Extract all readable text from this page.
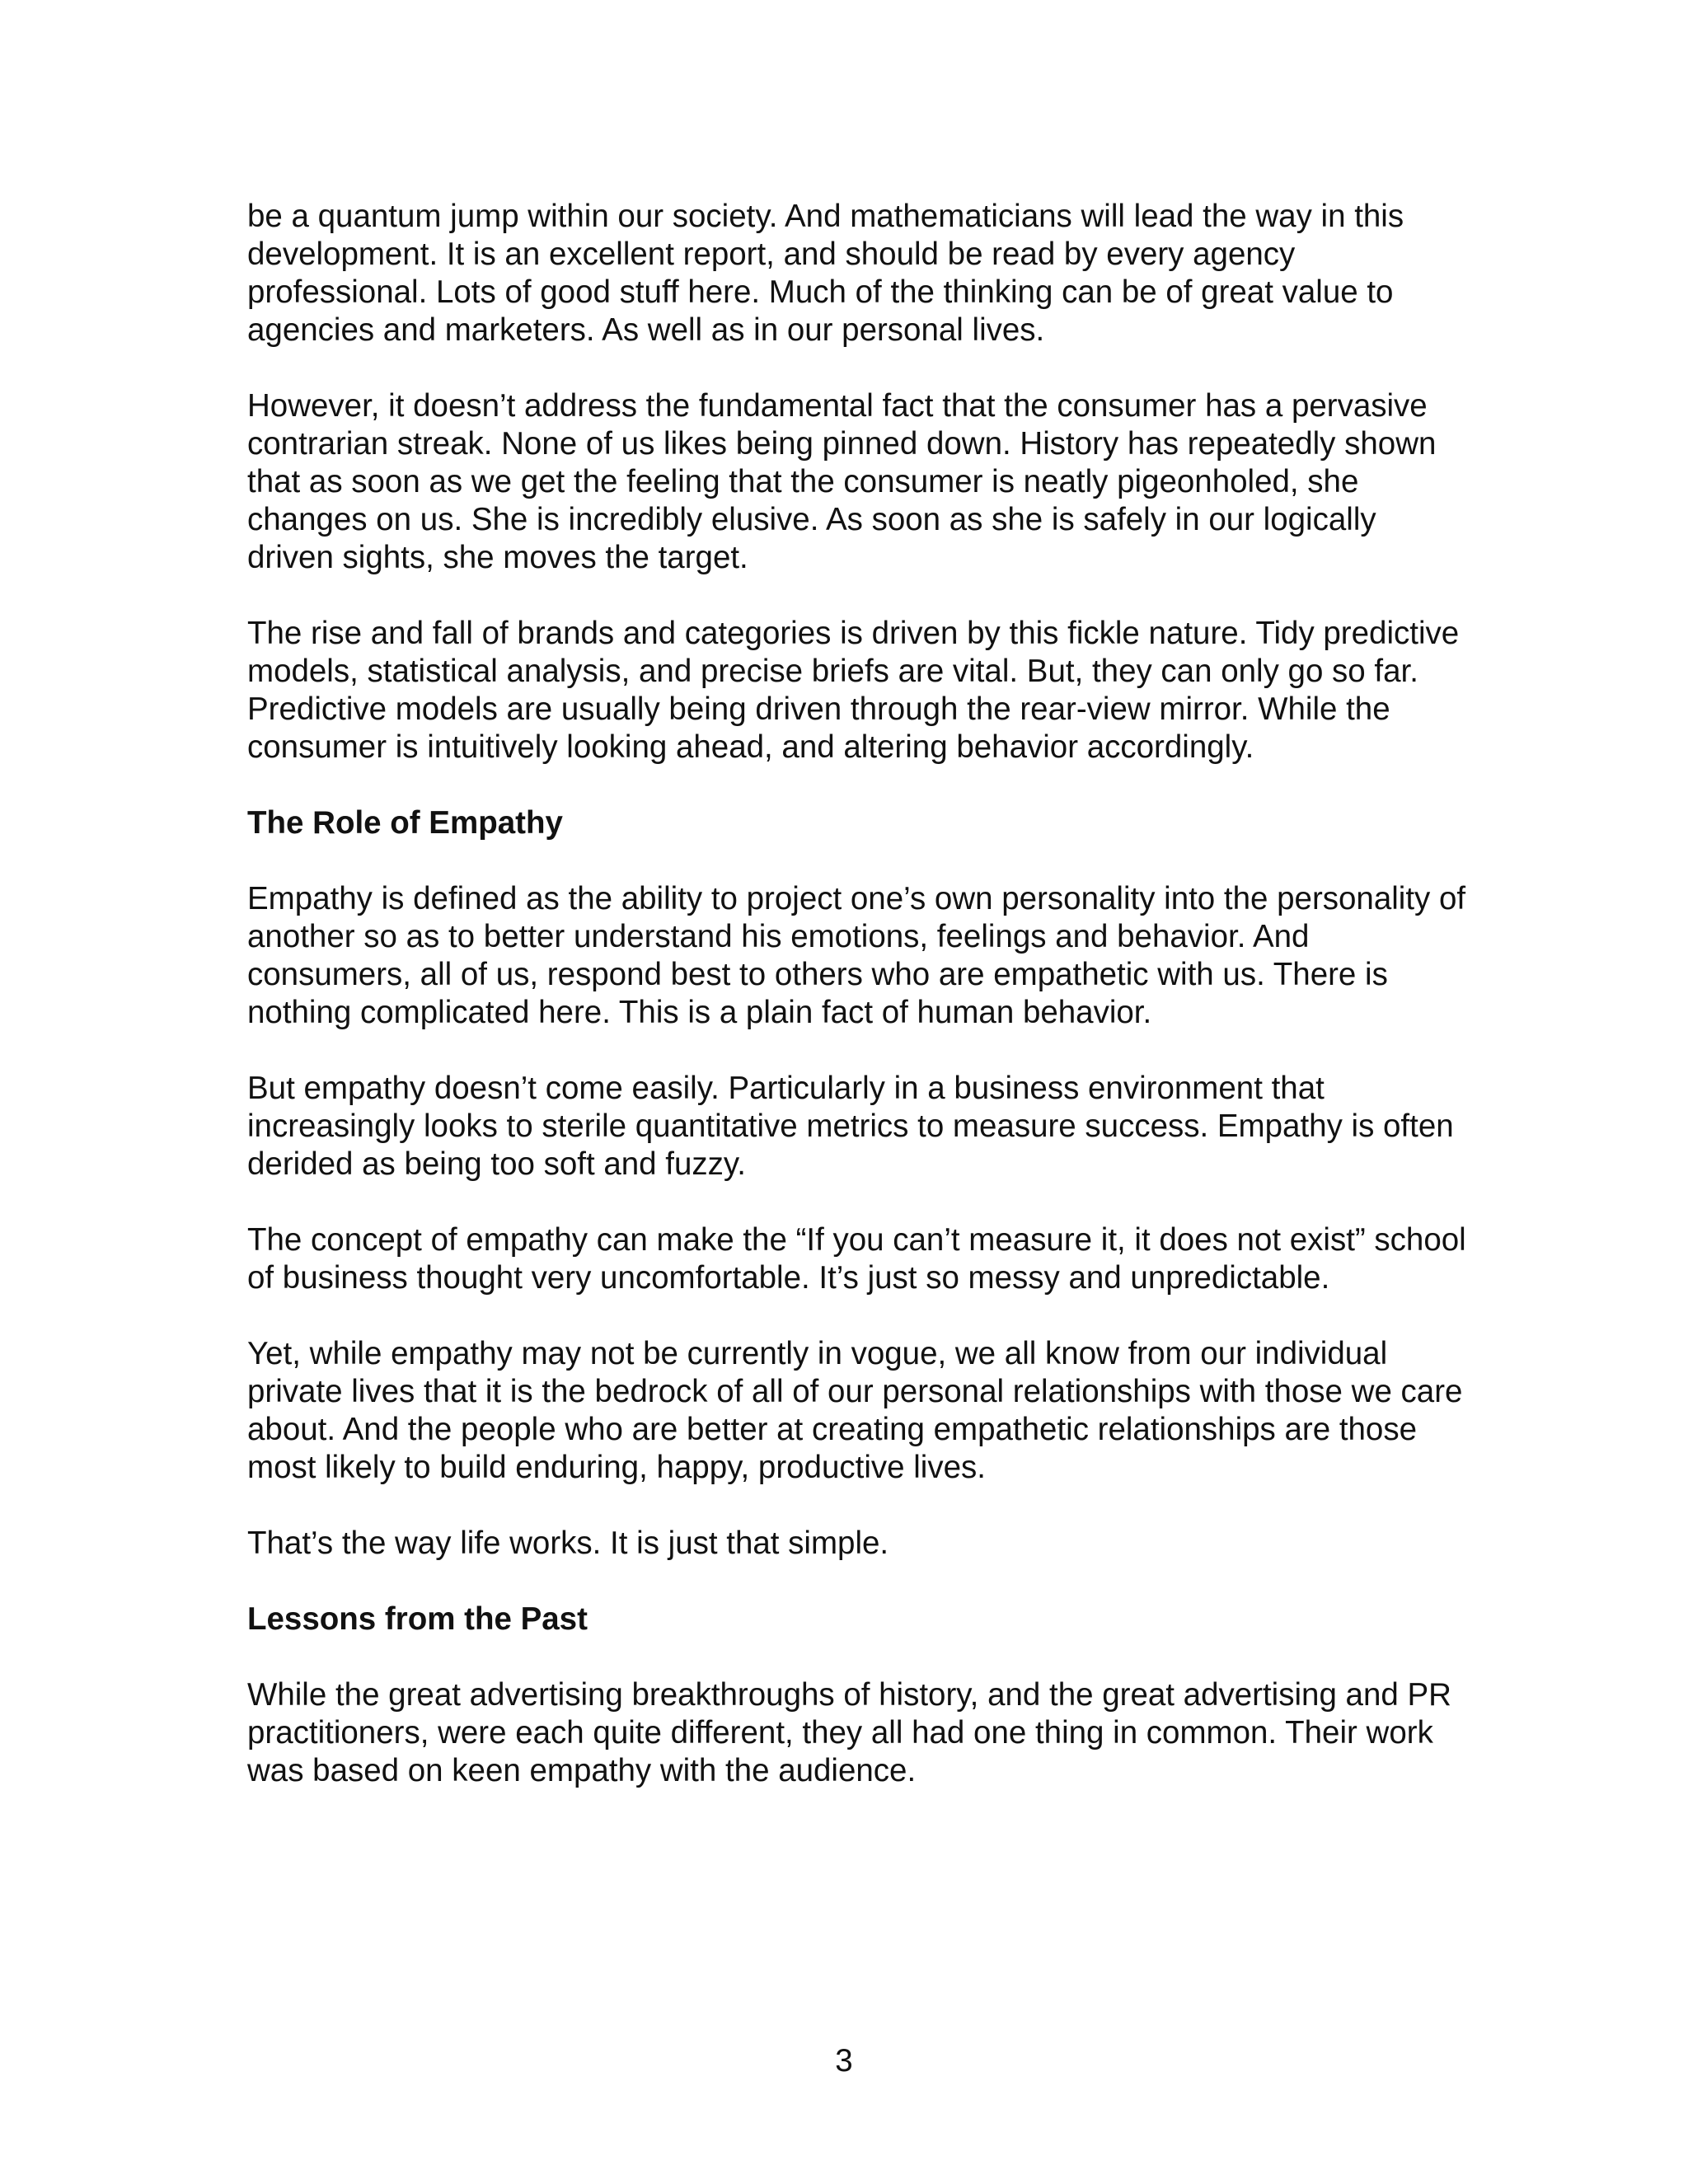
be a quantum jump within our society. And mathematicians will lead the way in this development. It is an excellent report, and should be read by every agency professional. Lots of good stuff here. Much of the thinking can be of great value to agencies and marketers. As well as in our personal lives.

However, it doesn’t address the fundamental fact that the consumer has a pervasive contrarian streak. None of us likes being pinned down. History has repeatedly shown that as soon as we get the feeling that the consumer is neatly pigeonholed, she changes on us. She is incredibly elusive. As soon as she is safely in our logically driven sights, she moves the target.

The rise and fall of brands and categories is driven by this fickle nature. Tidy predictive models, statistical analysis, and precise briefs are vital. But, they can only go so far. Predictive models are usually being driven through the rear-view mirror. While the consumer is intuitively looking ahead, and altering behavior accordingly.

The Role of Empathy

Empathy is defined as the ability to project one’s own personality into the personality of another so as to better understand his emotions, feelings and behavior. And consumers, all of us, respond best to others who are empathetic with us. There is nothing complicated here. This is a plain fact of human behavior.

But empathy doesn’t come easily. Particularly in a business environment that increasingly looks to sterile quantitative metrics to measure success. Empathy is often derided as being too soft and fuzzy.

The concept of empathy can make the “If you can’t measure it, it does not exist” school of business thought very uncomfortable. It’s just so messy and unpredictable.

Yet, while empathy may not be currently in vogue, we all know from our individual private lives that it is the bedrock of all of our personal relationships with those we care about. And the people who are better at creating empathetic relationships are those most likely to build enduring, happy, productive lives.

That’s the way life works. It is just that simple.

Lessons from the Past

While the great advertising breakthroughs of history, and the great advertising and PR practitioners, were each quite different, they all had one thing in common. Their work was based on keen empathy with the audience.

3
